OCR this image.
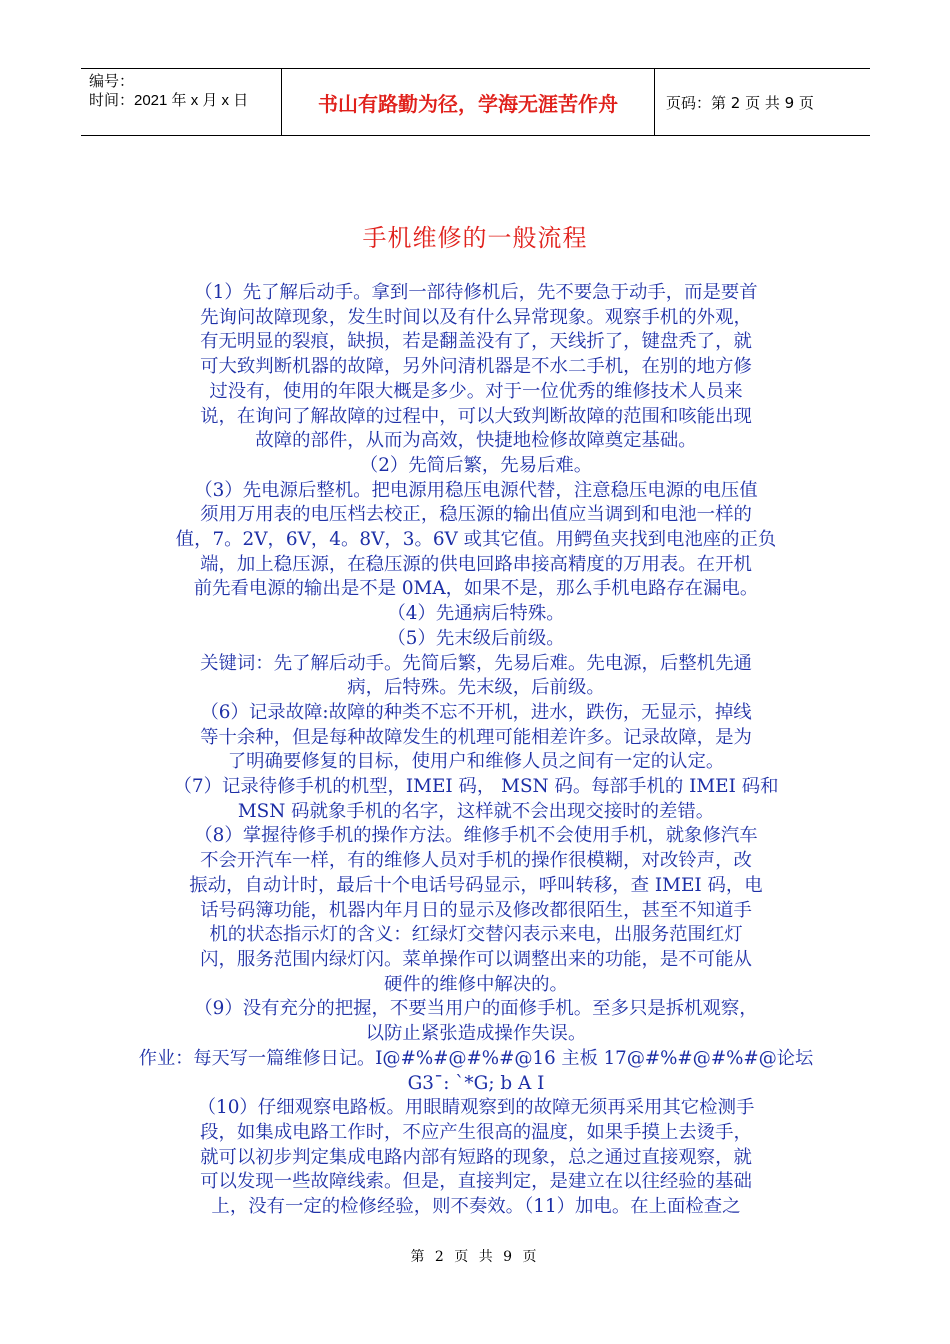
编号：
时间：2021 年 x 月 x 日	书山有路勤为径，学海无涯苦作舟	页码：第 2 页 共 9 页
手机维修的一般流程

（1）先了解后动手。拿到一部待修机后，先不要急于动手，而是要首

先询问故障现象，发生时间以及有什么异常现象。观察手机的外观，

有无明显的裂痕，缺损，若是翻盖没有了，天线折了，键盘秃了，就

可大致判断机器的故障，另外问清机器是不水二手机，在别的地方修

过没有，使用的年限大概是多少。对于一位优秀的维修技术人员来

说，在询问了解故障的过程中，可以大致判断故障的范围和咳能出现

故障的部件，从而为高效，快捷地检修故障奠定基础。

（2）先简后繁，先易后难。

（3）先电源后整机。把电源用稳压电源代替，注意稳压电源的电压值

须用万用表的电压档去校正，稳压源的输出值应当调到和电池一样的

值，7。2V，6V，4。8V，3。6V 或其它值。用鳄鱼夹找到电池座的正负

端，加上稳压源，在稳压源的供电回路串接高精度的万用表。在开机

前先看电源的输出是不是 0MA，如果不是，那么手机电路存在漏电。

（4）先通病后特殊。

（5）先末级后前级。

关键词：先了解后动手。先简后繁，先易后难。先电源，后整机先通

病，后特殊。先末级，后前级。

（6）记录故障:故障的种类不忘不开机，进水，跌伤，无显示，掉线

等十余种，但是每种故障发生的机理可能相差许多。记录故障，是为

了明确要修复的目标，使用户和维修人员之间有一定的认定。

（7）记录待修手机的机型，IMEI 码， MSN 码。每部手机的 IMEI 码和

MSN 码就象手机的名字，这样就不会出现交接时的差错。

（8）掌握待修手机的操作方法。维修手机不会使用手机，就象修汽车

不会开汽车一样，有的维修人员对手机的操作很模糊，对改铃声，改

振动，自动计时，最后十个电话号码显示，呼叫转移，查 IMEI 码，电

话号码簿功能，机器内年月日的显示及修改都很陌生，甚至不知道手

机的状态指示灯的含义：红绿灯交替闪表示来电，出服务范围红灯

闪，服务范围内绿灯闪。菜单操作可以调整出来的功能，是不可能从

硬件的维修中解决的。

（9）没有充分的把握，不要当用户的面修手机。至多只是拆机观察，

以防止紧张造成操作失误。

作业：每天写一篇维修日记。I@#%#@#%#@16 主板 17@#%#@#%#@论坛

G3ˉ: `*G; b A I

（10）仔细观察电路板。用眼睛观察到的故障无须再采用其它检测手

段，如集成电路工作时，不应产生很高的温度，如果手摸上去烫手，

就可以初步判定集成电路内部有短路的现象，总之通过直接观察，就

可以发现一些故障线索。但是，直接判定，是建立在以往经验的基础

上，没有一定的检修经验，则不奏效。（11）加电。在上面检查之

第 2 页 共 9 页
